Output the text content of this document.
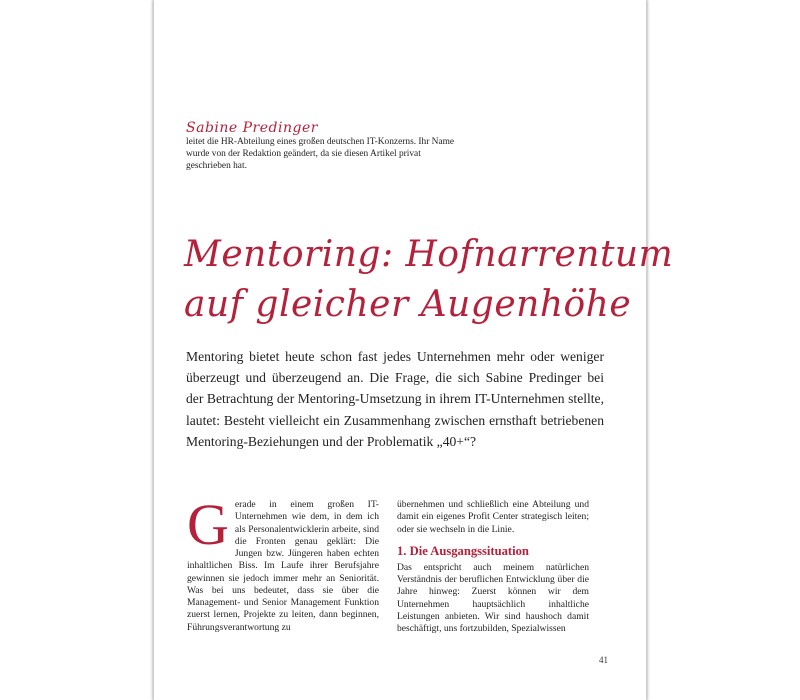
Sabine Predinger

leitet die HR-Abteilung eines großen deutschen IT-Konzerns. Ihr Name wurde von der Redaktion geändert, da sie diesen Artikel privat geschrieben hat.

Mentoring: Hofnarrentum
auf gleicher Augenhöhe
Mentoring bietet heute schon fast jedes Unternehmen mehr oder weniger
überzeugt und überzeugend an. Die Frage, die sich Sabine Predinger bei
der Betrachtung der Mentoring-Umsetzung in ihrem IT-Unternehmen stellte,
lautet: Besteht vielleicht ein Zusammenhang zwischen ernsthaft betriebenen
Mentoring-Beziehungen und der Problematik „40+“?
G erade in einem großen IT-Unternehmen wie dem, in dem ich als Personalentwicklerin arbeite, sind die Fronten genau geklärt: Die Jungen bzw. Jüngeren haben echten inhaltlichen Biss. Im Laufe ihrer Berufsjahre gewinnen sie jedoch immer mehr an Seniorität. Was bei uns bedeutet, dass sie über die Management- und Senior Management Funktion zuerst lernen, Projekte zu leiten, dann beginnen, Führungsverantwortung zu

übernehmen und schließlich eine Abteilung und damit ein eigenes Profit Center strategisch leiten; oder sie wechseln in die Linie.

1. Die Ausgangssituation

Das entspricht auch meinem natürlichen Verständnis der beruflichen Entwicklung über die Jahre hinweg: Zuerst können wir dem Unternehmen hauptsächlich inhaltliche Leistungen anbieten. Wir sind haushoch damit beschäftigt, uns fortzubilden, Spezialwissen

41
